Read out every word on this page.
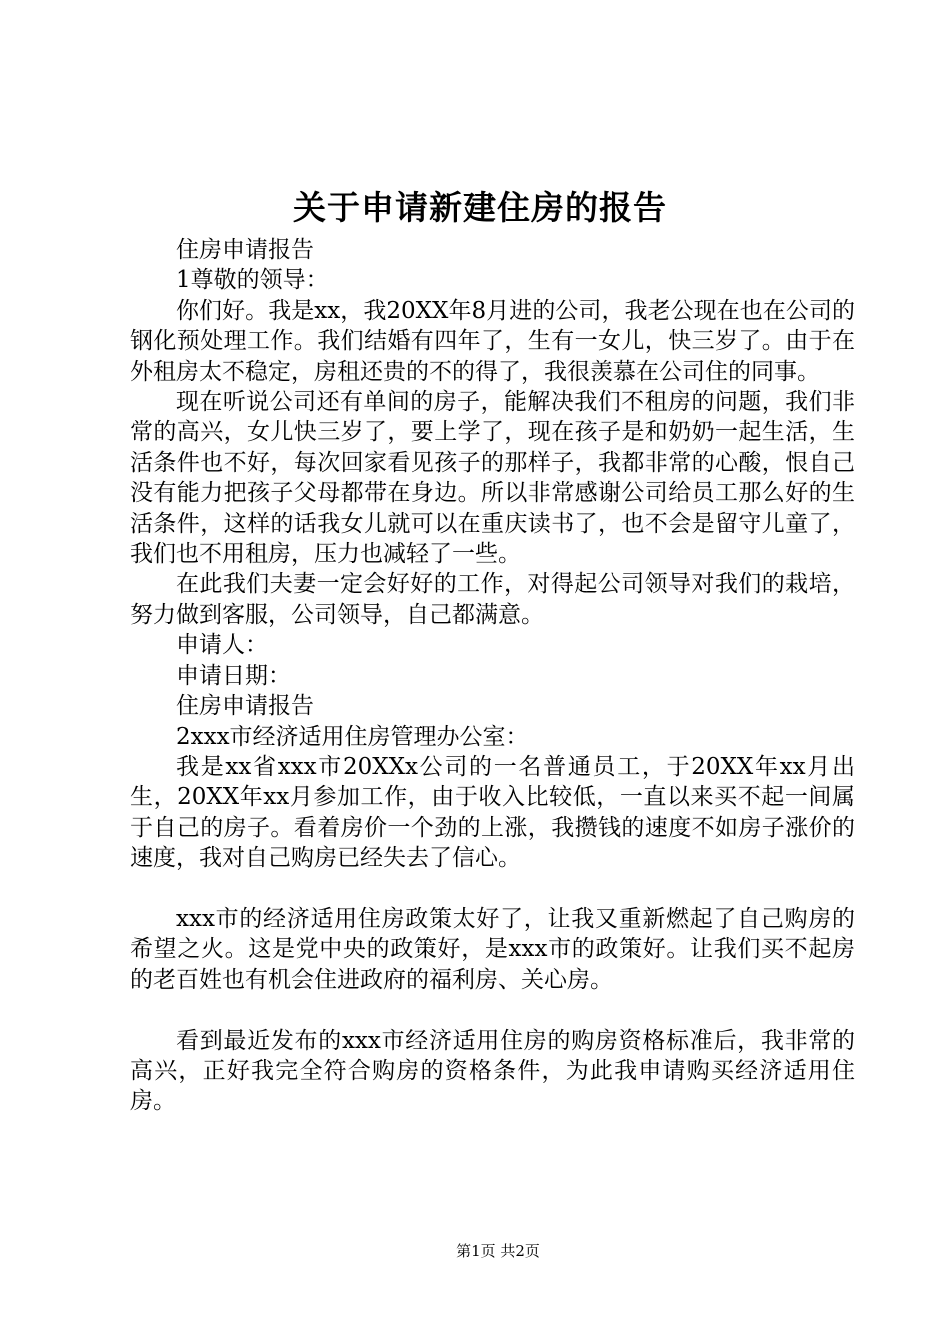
关于申请新建住房的报告

住房申请报告

1尊敬的领导：

你们好。我是xx，我20XX年8月进的公司，我老公现在也在公司的钢化预处理工作。我们结婚有四年了，生有一女儿，快三岁了。由于在外租房太不稳定，房租还贵的不的得了，我很羡慕在公司住的同事。

现在听说公司还有单间的房子，能解决我们不租房的问题，我们非常的高兴，女儿快三岁了，要上学了，现在孩子是和奶奶一起生活，生活条件也不好，每次回家看见孩子的那样子，我都非常的心酸，恨自己没有能力把孩子父母都带在身边。所以非常感谢公司给员工那么好的生活条件，这样的话我女儿就可以在重庆读书了，也不会是留守儿童了，我们也不用租房，压力也减轻了一些。

在此我们夫妻一定会好好的工作，对得起公司领导对我们的栽培，努力做到客服，公司领导，自己都满意。

申请人：

申请日期：

住房申请报告

2xxx市经济适用住房管理办公室：

我是xx省xxx市20XXx公司的一名普通员工，于20XX年xx月出生，20XX年xx月参加工作，由于收入比较低，一直以来买不起一间属于自己的房子。看着房价一个劲的上涨，我攒钱的速度不如房子涨价的速度，我对自己购房已经失去了信心。

xxx市的经济适用住房政策太好了，让我又重新燃起了自己购房的希望之火。这是党中央的政策好，是xxx市的政策好。让我们买不起房的老百姓也有机会住进政府的福利房、关心房。

看到最近发布的xxx市经济适用住房的购房资格标准后，我非常的高兴，正好我完全符合购房的资格条件，为此我申请购买经济适用住房。

第1页 共2页
